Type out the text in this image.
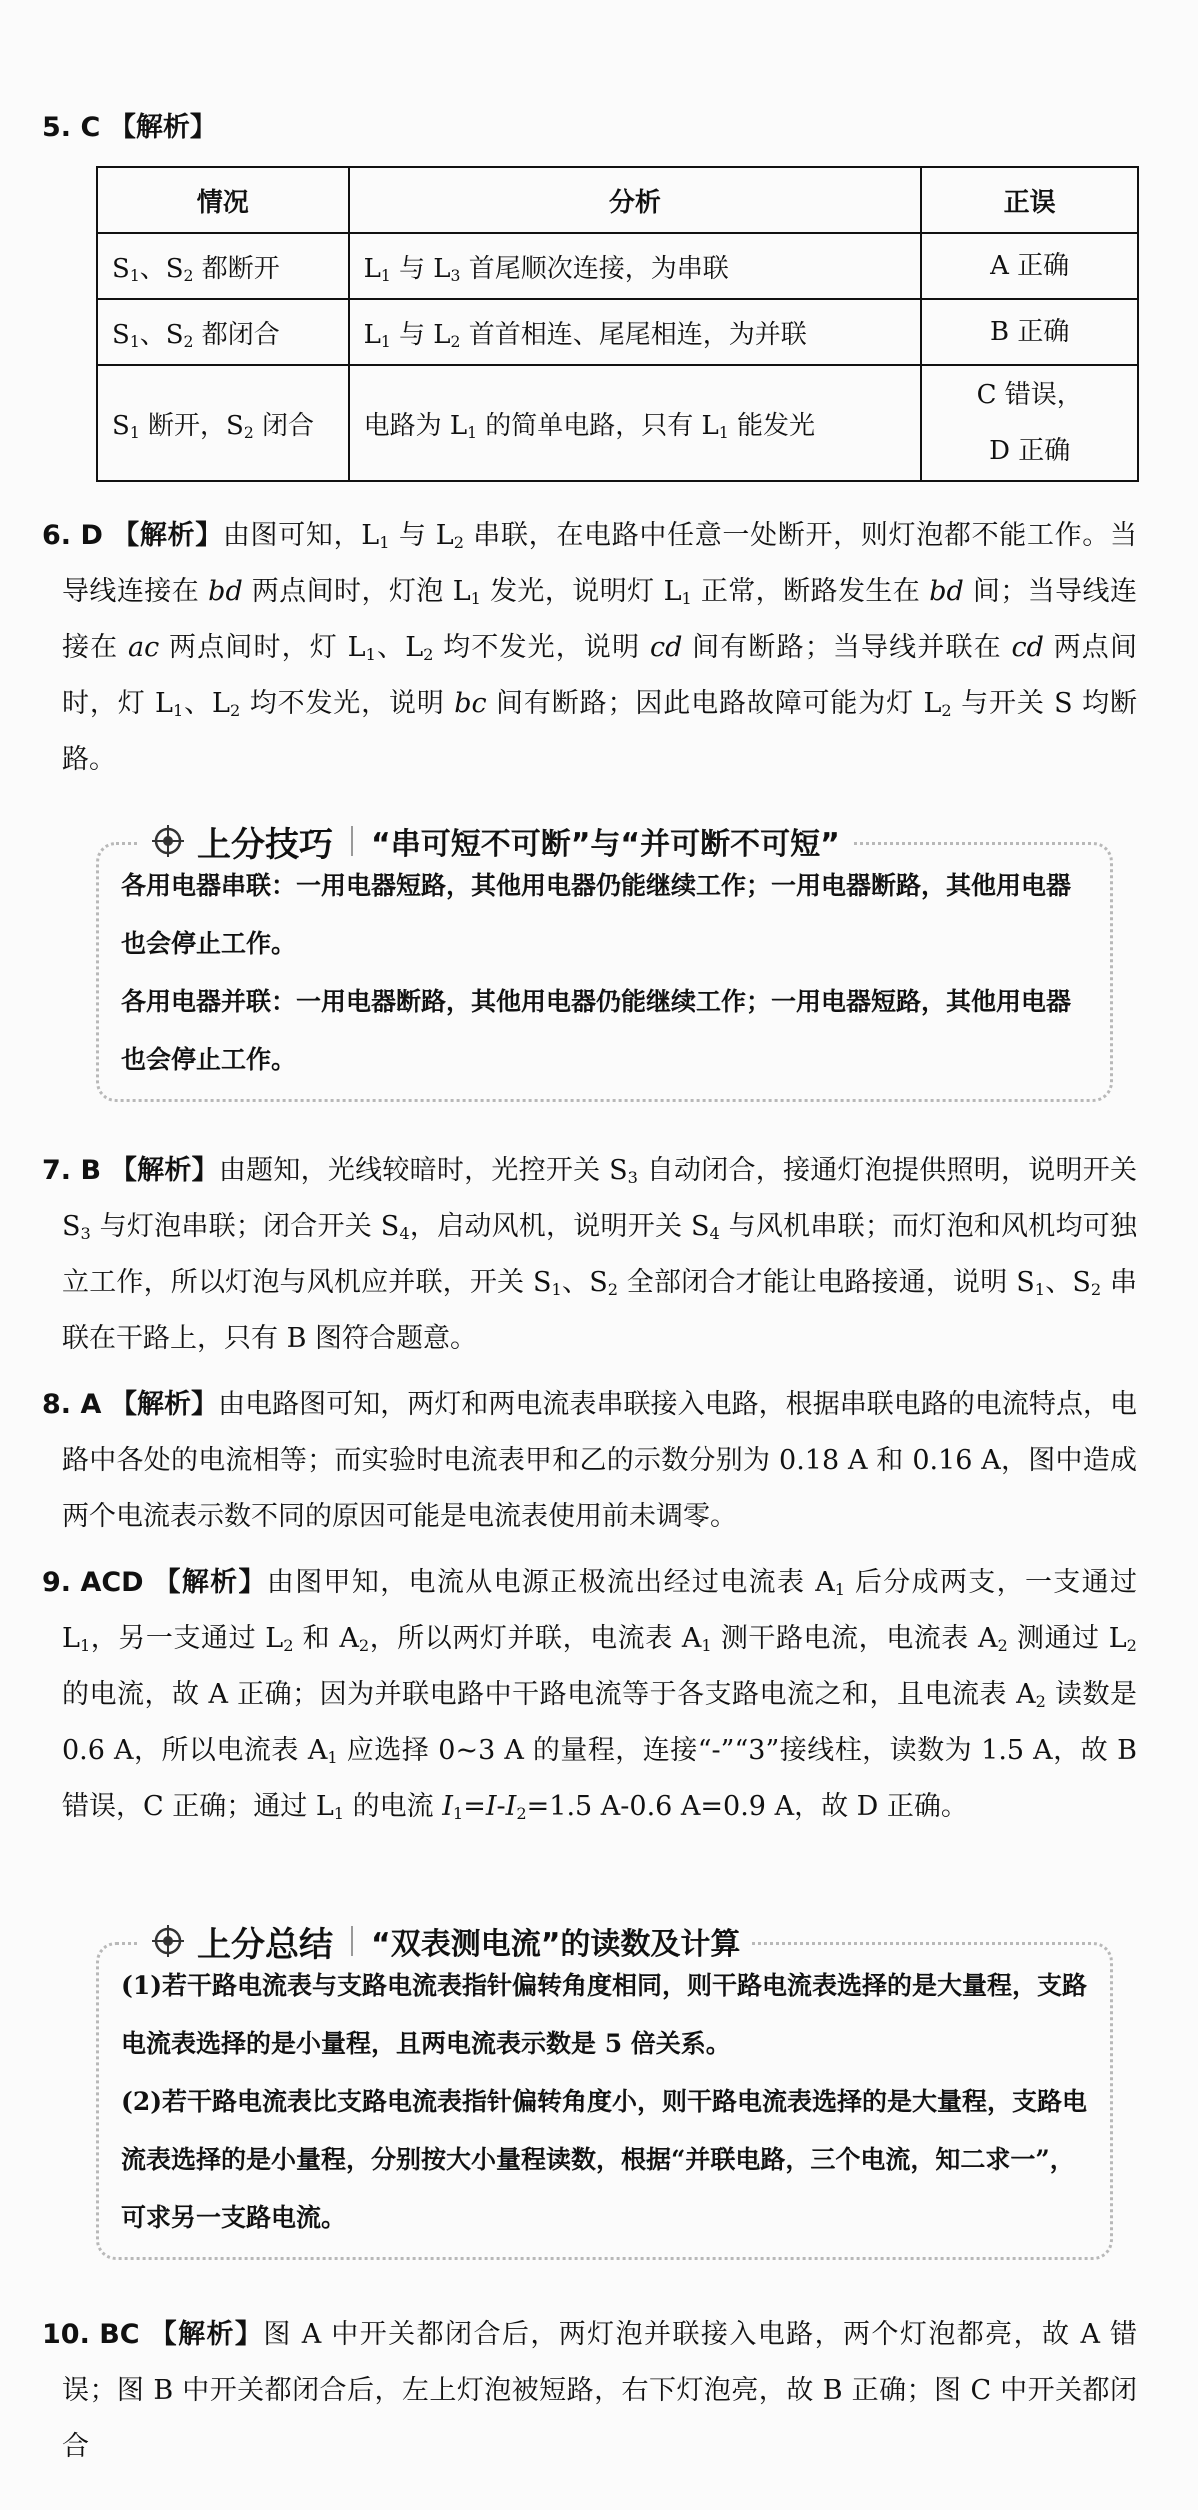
5. C 【解析】
情况	分析	正误
$S_1$、$S_2$ 都断开	$L_1$ 与 $L_3$ 首尾顺次连接，为串联	A 正确
$S_1$、$S_2$ 都闭合	$L_1$ 与 $L_2$ 首首相连、尾尾相连，为并联	B 正确
$S_1$ 断开，$S_2$ 闭合	电路为 $L_1$ 的简单电路，只有 $L_1$ 能发光	C 错误，
D 正确
6. D 【解析】由图可知，$L_1$ 与 $L_2$ 串联，在电路中任意一处断开，则灯泡都不能工作。当导线连接在 bd 两点间时，灯泡 $L_1$ 发光，说明灯 $L_1$ 正常，断路发生在 bd 间；当导线连接在 ac 两点间时，灯 $L_1$、$L_2$ 均不发光，说明 cd 间有断路；当导线并联在 cd 两点间时，灯 $L_1$、$L_2$ 均不发光，说明 bc 间有断路；因此电路故障可能为灯 $L_2$ 与开关 S 均断路。
上分技巧 “串可短不可断”与“并可断不可短”
各用电器串联：一用电器短路，其他用电器仍能继续工作；一用电器断路，其他用电器也会停止工作。
各用电器并联：一用电器断路，其他用电器仍能继续工作；一用电器短路，其他用电器也会停止工作。
7. B 【解析】由题知，光线较暗时，光控开关 $S_3$ 自动闭合，接通灯泡提供照明，说明开关 $S_3$ 与灯泡串联；闭合开关 $S_4$，启动风机，说明开关 $S_4$ 与风机串联；而灯泡和风机均可独立工作，所以灯泡与风机应并联，开关 $S_1$、$S_2$ 全部闭合才能让电路接通，说明 $S_1$、$S_2$ 串联在干路上，只有 B 图符合题意。
8. A 【解析】由电路图可知，两灯和两电流表串联接入电路，根据串联电路的电流特点，电路中各处的电流相等；而实验时电流表甲和乙的示数分别为 0.18 A 和 0.16 A，图中造成两个电流表示数不同的原因可能是电流表使用前未调零。
9. ACD 【解析】由图甲知，电流从电源正极流出经过电流表 $A_1$ 后分成两支，一支通过 $L_1$，另一支通过 $L_2$ 和 $A_2$，所以两灯并联，电流表 $A_1$ 测干路电流，电流表 $A_2$ 测通过 $L_2$ 的电流，故 A 正确；因为并联电路中干路电流等于各支路电流之和，且电流表 $A_2$ 读数是 0.6 A，所以电流表 $A_1$ 应选择 0~3 A 的量程，连接“-”“3”接线柱，读数为 1.5 A，故 B 错误，C 正确；通过 $L_1$ 的电流 $I_1=I-I_2=1.5$ A-0.6 A=0.9 A，故 D 正确。
上分总结 “双表测电流”的读数及计算
(1)若干路电流表与支路电流表指针偏转角度相同，则干路电流表选择的是大量程，支路电流表选择的是小量程，且两电流表示数是 5 倍关系。
(2)若干路电流表比支路电流表指针偏转角度小，则干路电流表选择的是大量程，支路电流表选择的是小量程，分别按大小量程读数，根据“并联电路，三个电流，知二求一”，可求另一支路电流。
10. BC 【解析】图 A 中开关都闭合后，两灯泡并联接入电路，两个灯泡都亮，故 A 错误；图 B 中开关都闭合后，左上灯泡被短路，右下灯泡亮，故 B 正确；图 C 中开关都闭合
